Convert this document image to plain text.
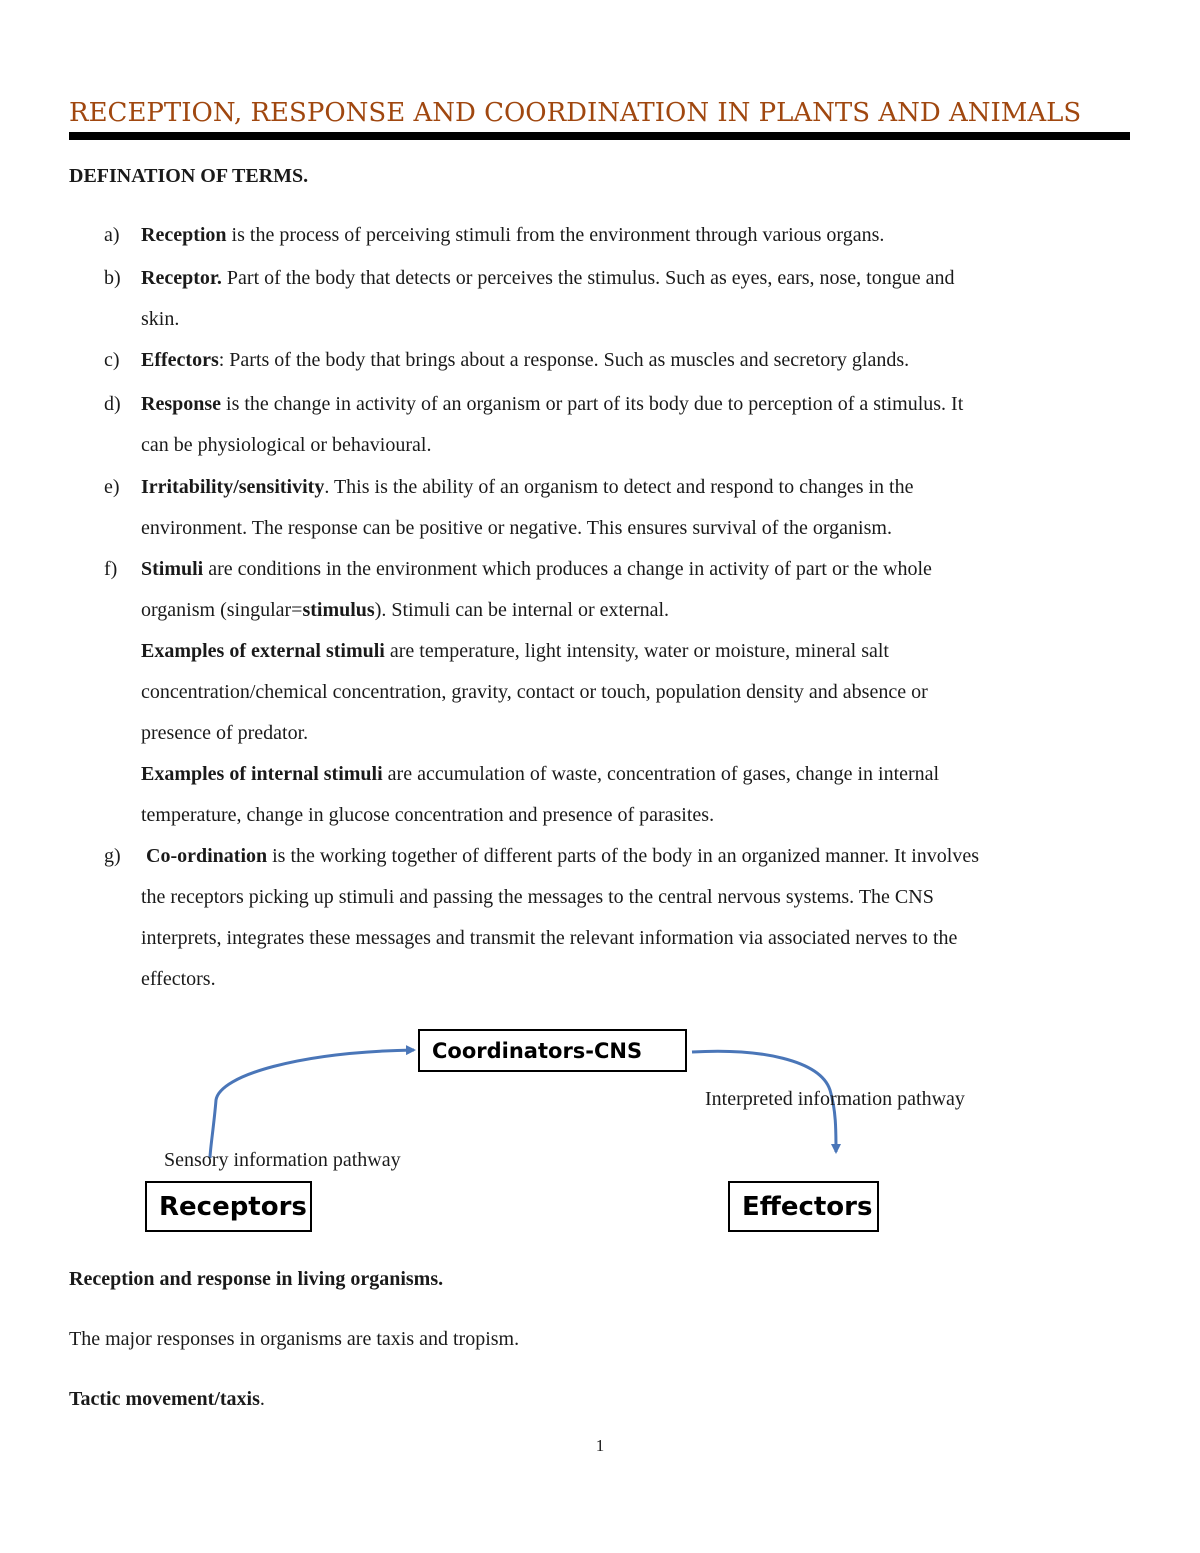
RECEPTION, RESPONSE AND COORDINATION IN PLANTS AND ANIMALS
DEFINATION OF TERMS.
a)	Reception is the process of perceiving stimuli from the environment through various organs.

b)	Receptor. Part of the body that detects or perceives the stimulus. Such as eyes, ears, nose, tongue and

skin.

c)	Effectors: Parts of the body that brings about a response. Such as muscles and secretory glands.

d)	Response is the change in activity of an organism or part of its body due to perception of a stimulus. It

can be physiological or behavioural.

e)	Irritability/sensitivity. This is the ability of an organism to detect and respond to changes in the

environment. The response can be positive or negative. This ensures survival of the organism.

f)	Stimuli are conditions in the environment which produces a change in activity of part or the whole

organism (singular=stimulus). Stimuli can be internal or external.

Examples of external stimuli are temperature, light intensity, water or moisture, mineral salt

concentration/chemical concentration, gravity, contact or touch, population density and absence or

presence of predator.

Examples of internal stimuli are accumulation of waste, concentration of gases, change in internal

temperature, change in glucose concentration and presence of parasites.

g)	Co-ordination is the working together of different parts of the body in an organized manner. It involves

the receptors picking up stimuli and passing the messages to the central nervous systems. The CNS

interprets, integrates these messages and transmit the relevant information via associated nerves to the

effectors.

Coordinators-CNS
Interpreted information pathway
Sensory information pathway
Receptors	Effectors
Reception and response in living organisms.
The major responses in organisms are taxis and tropism.
Tactic movement/taxis.
1
